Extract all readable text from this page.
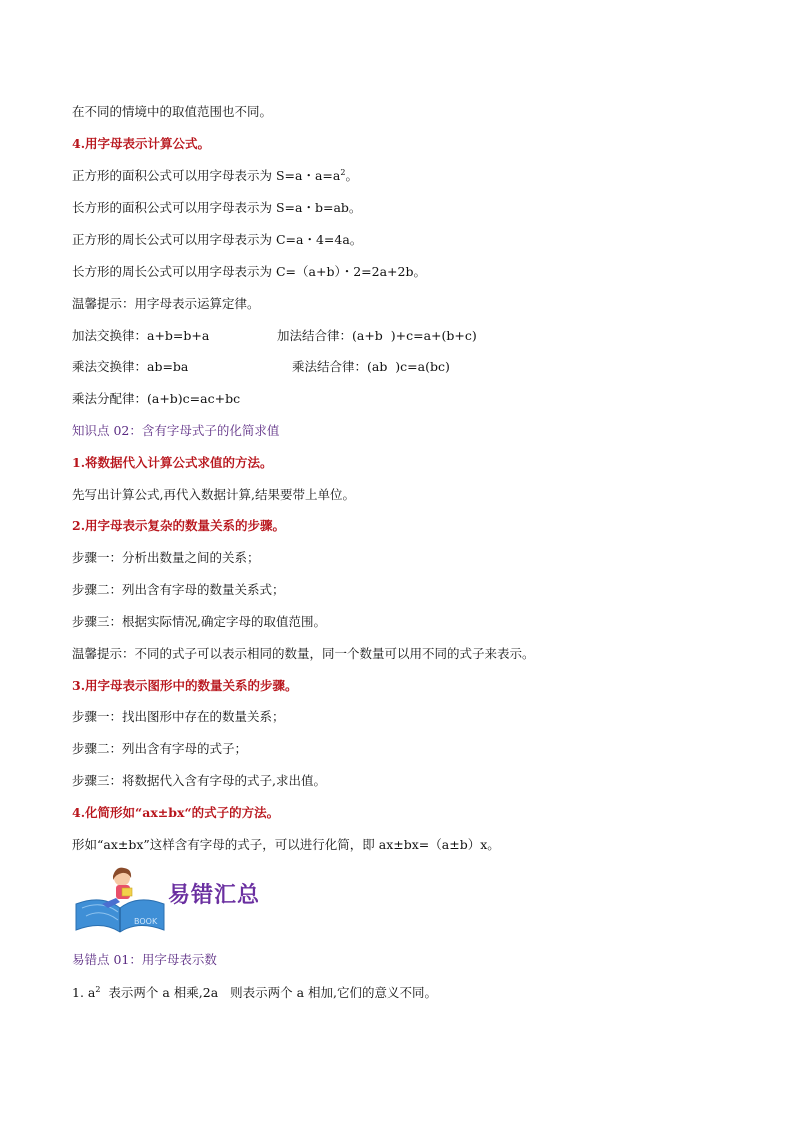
在不同的情境中的取值范围也不同。
4.用字母表示计算公式。
正方形的面积公式可以用字母表示为 S=a・$a=a^2$。
长方形的面积公式可以用字母表示为 S=a・b=ab。
正方形的周长公式可以用字母表示为 C=a・4=4a。
长方形的周长公式可以用字母表示为 C=（a+b）・2=2a+2b。
温馨提示：用字母表示运算定律。
加法交换律：a+b=b+a	加法结合律：(a+b  )+c=a+(b+c)
乘法交换律：ab=ba	乘法结合律：(ab  )c=a(bc)
乘法分配律：(a+b)c=ac+bc
知识点 02：含有字母式子的化简求值
1.将数据代入计算公式求值的方法。
先写出计算公式,再代入数据计算,结果要带上单位。
2.用字母表示复杂的数量关系的步骤。
步骤一：分析出数量之间的关系；
步骤二：列出含有字母的数量关系式；
步骤三：根据实际情况,确定字母的取值范围。
温馨提示：不同的式子可以表示相同的数量，同一个数量可以用不同的式子来表示。
3.用字母表示图形中的数量关系的步骤。
步骤一：找出图形中存在的数量关系；
步骤二：列出含有字母的式子；
步骤三：将数据代入含有字母的式子,求出值。
4.化简形如“ax±bx“的式子的方法。
形如“ax±bx”这样含有字母的式子，可以进行化简，即 ax±bx=（a±b）x。
BOOK
易错汇总
易错点 01：用字母表示数
1. $a^2$  表示两个 a 相乘,2a   则表示两个 a 相加,它们的意义不同。
